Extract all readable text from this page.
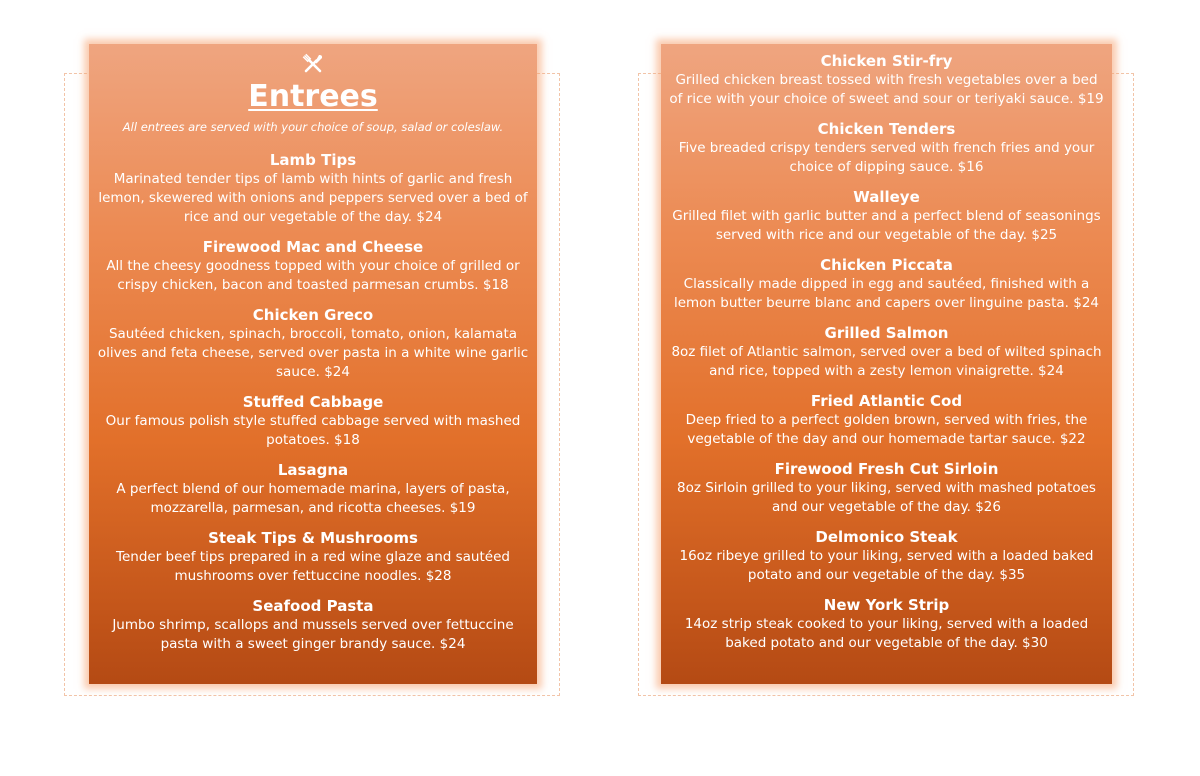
Entrees
All entrees are served with your choice of soup, salad or coleslaw.
Lamb Tips
Marinated tender tips of lamb with hints of garlic and fresh lemon, skewered with onions and peppers served over a bed of rice and our vegetable of the day. $24
Firewood Mac and Cheese
All the cheesy goodness topped with your choice of grilled or crispy chicken, bacon and toasted parmesan crumbs. $18
Chicken Greco
Sautéed chicken, spinach, broccoli, tomato, onion, kalamata olives and feta cheese, served over pasta in a white wine garlic sauce. $24
Stuffed Cabbage
Our famous polish style stuffed cabbage served with mashed potatoes. $18
Lasagna
A perfect blend of our homemade marina, layers of pasta, mozzarella, parmesan, and ricotta cheeses. $19
Steak Tips & Mushrooms
Tender beef tips prepared in a red wine glaze and sautéed mushrooms over fettuccine noodles. $28
Seafood Pasta
Jumbo shrimp, scallops and mussels served over fettuccine pasta with a sweet ginger brandy sauce. $24
Chicken Stir-fry
Grilled chicken breast tossed with fresh vegetables over a bed of rice with your choice of sweet and sour or teriyaki sauce. $19
Chicken Tenders
Five breaded crispy tenders served with french fries and your choice of dipping sauce. $16
Walleye
Grilled filet with garlic butter and a perfect blend of seasonings served with rice and our vegetable of the day. $25
Chicken Piccata
Classically made dipped in egg and sautéed, finished with a lemon butter beurre blanc and capers over linguine pasta. $24
Grilled Salmon
8oz filet of Atlantic salmon, served over a bed of wilted spinach and rice, topped with a zesty lemon vinaigrette. $24
Fried Atlantic Cod
Deep fried to a perfect golden brown, served with fries, the vegetable of the day and our homemade tartar sauce. $22
Firewood Fresh Cut Sirloin
8oz Sirloin grilled to your liking, served with mashed potatoes and our vegetable of the day. $26
Delmonico Steak
16oz ribeye grilled to your liking, served with a loaded baked potato and our vegetable of the day. $35
New York Strip
14oz strip steak cooked to your liking, served with a loaded baked potato and our vegetable of the day. $30
